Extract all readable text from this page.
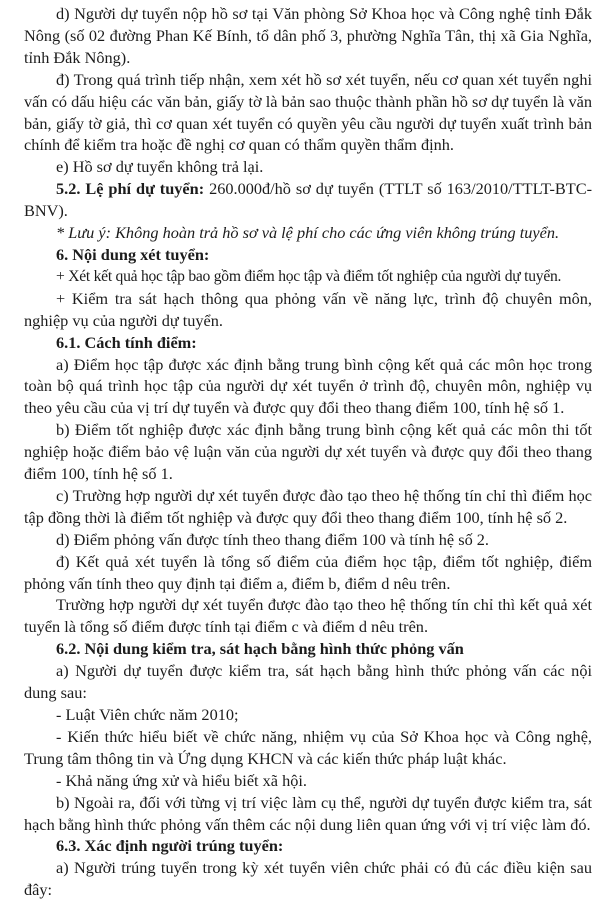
d) Người dự tuyển nộp hồ sơ tại Văn phòng Sở Khoa học và Công nghệ tỉnh Đắk Nông (số 02 đường Phan Kế Bính, tổ dân phố 3, phường Nghĩa Tân, thị xã Gia Nghĩa, tỉnh Đắk Nông).

đ) Trong quá trình tiếp nhận, xem xét hồ sơ xét tuyển, nếu cơ quan xét tuyển nghi vấn có dấu hiệu các văn bản, giấy tờ là bản sao thuộc thành phần hồ sơ dự tuyển là văn bản, giấy tờ giả, thì cơ quan xét tuyển có quyền yêu cầu người dự tuyển xuất trình bản chính để kiểm tra hoặc đề nghị cơ quan có thẩm quyền thẩm định.

e) Hồ sơ dự tuyển không trả lại.

5.2. Lệ phí dự tuyển: 260.000đ/hồ sơ dự tuyển (TTLT số 163/2010/TTLT-BTC-BNV).

* Lưu ý: Không hoàn trả hồ sơ và lệ phí cho các ứng viên không trúng tuyển.

6. Nội dung xét tuyển:

+ Xét kết quả học tập bao gồm điểm học tập và điểm tốt nghiệp của người dự tuyển.

+ Kiểm tra sát hạch thông qua phỏng vấn về năng lực, trình độ chuyên môn, nghiệp vụ của người dự tuyển.

6.1. Cách tính điểm:

a) Điểm học tập được xác định bằng trung bình cộng kết quả các môn học trong toàn bộ quá trình học tập của người dự xét tuyển ở trình độ, chuyên môn, nghiệp vụ theo yêu cầu của vị trí dự tuyển và được quy đổi theo thang điểm 100, tính hệ số 1.

b) Điểm tốt nghiệp được xác định bằng trung bình cộng kết quả các môn thi tốt nghiệp hoặc điểm bảo vệ luận văn của người dự xét tuyển và được quy đổi theo thang điểm 100, tính hệ số 1.

c) Trường hợp người dự xét tuyển được đào tạo theo hệ thống tín chỉ thì điểm học tập đồng thời là điểm tốt nghiệp và được quy đổi theo thang điểm 100, tính hệ số 2.

d) Điểm phỏng vấn được tính theo thang điểm 100 và tính hệ số 2.

đ) Kết quả xét tuyển là tổng số điểm của điểm học tập, điểm tốt nghiệp, điểm phỏng vấn tính theo quy định tại điểm a, điểm b, điểm d nêu trên.

Trường hợp người dự xét tuyển được đào tạo theo hệ thống tín chỉ thì kết quả xét tuyển là tổng số điểm được tính tại điểm c và điểm d nêu trên.

6.2. Nội dung kiểm tra, sát hạch bằng hình thức phỏng vấn

a) Người dự tuyển được kiểm tra, sát hạch bằng hình thức phỏng vấn các nội dung sau:

- Luật Viên chức năm 2010;

- Kiến thức hiểu biết về chức năng, nhiệm vụ của Sở Khoa học và Công nghệ, Trung tâm thông tin và Ứng dụng KHCN và các kiến thức pháp luật khác.

- Khả năng ứng xử và hiểu biết xã hội.

b) Ngoài ra, đối với từng vị trí việc làm cụ thể, người dự tuyển được kiểm tra, sát hạch bằng hình thức phỏng vấn thêm các nội dung liên quan ứng với vị trí việc làm đó.

6.3. Xác định người trúng tuyển:

a) Người trúng tuyển trong kỳ xét tuyển viên chức phải có đủ các điều kiện sau đây:
